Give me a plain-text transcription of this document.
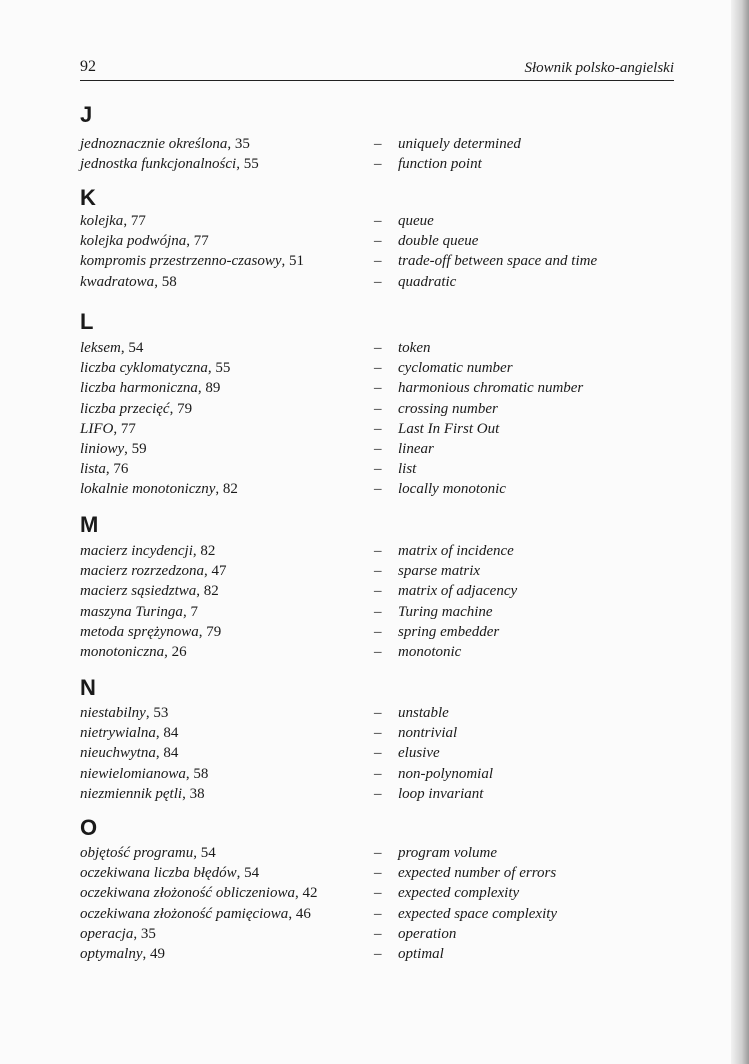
92	Słownik polsko-angielski
J
jednoznacznie określona, 35	– uniquely determined
jednostka funkcjonalności, 55	– function point
K
kolejka, 77	– queue
kolejka podwójna, 77	– double queue
kompromis przestrzenno-czasowy, 51	– trade-off between space and time
kwadratowa, 58	– quadratic
L
leksem, 54	– token
liczba cyklomatyczna, 55	– cyclomatic number
liczba harmoniczna, 89	– harmonious chromatic number
liczba przecięć, 79	– crossing number
LIFO, 77	– Last In First Out
liniowy, 59	– linear
lista, 76	– list
lokalnie monotoniczny, 82	– locally monotonic
M
macierz incydencji, 82	– matrix of incidence
macierz rozrzedzona, 47	– sparse matrix
macierz sąsiedztwa, 82	– matrix of adjacency
maszyna Turinga, 7	– Turing machine
metoda sprężynowa, 79	– spring embedder
monotoniczna, 26	– monotonic
N
niestabilny, 53	– unstable
nietrywialna, 84	– nontrivial
nieuchwytna, 84	– elusive
niewielomianowa, 58	– non-polynomial
niezmiennik pętli, 38	– loop invariant
O
objętość programu, 54	– program volume
oczekiwana liczba błędów, 54	– expected number of errors
oczekiwana złożoność obliczeniowa, 42	– expected complexity
oczekiwana złożoność pamięciowa, 46	– expected space complexity
operacja, 35	– operation
optymalny, 49	– optimal
